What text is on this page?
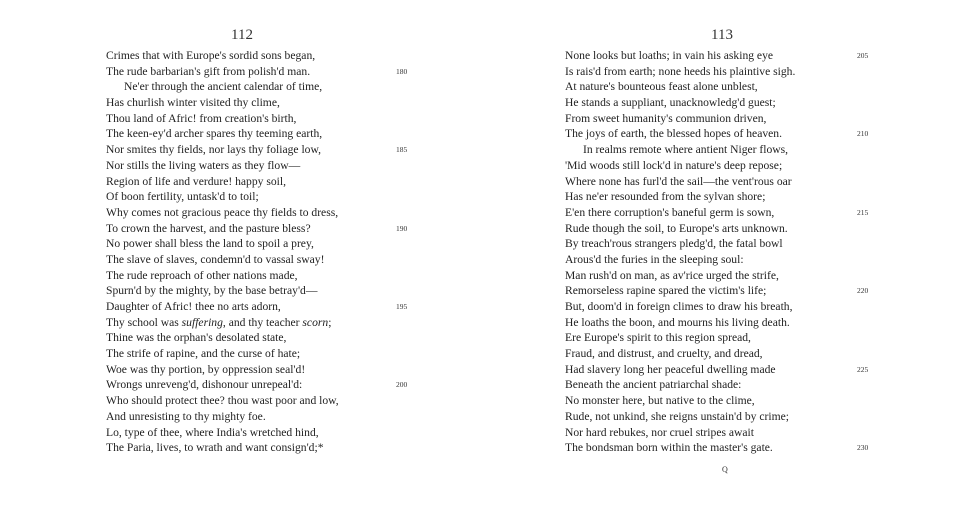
112
Crimes that with Europe's sordid sons began,
The rude barbarian's gift from polish'd man.	180
Ne'er through the ancient calendar of time,
Has churlish winter visited thy clime,
Thou land of Afric! from creation's birth,
The keen-ey'd archer spares thy teeming earth,
Nor smites thy fields, nor lays thy foliage low,	185
Nor stills the living waters as they flow—
Region of life and verdure! happy soil,
Of boon fertility, untask'd to toil;
Why comes not gracious peace thy fields to dress,
To crown the harvest, and the pasture bless?	190
No power shall bless the land to spoil a prey,
The slave of slaves, condemn'd to vassal sway!
The rude reproach of other nations made,
Spurn'd by the mighty, by the base betray'd—
Daughter of Afric! thee no arts adorn,	195
Thy school was suffering, and thy teacher scorn;
Thine was the orphan's desolated state,
The strife of rapine, and the curse of hate;
Woe was thy portion, by oppression seal'd!
Wrongs unreveng'd, dishonour unrepeal'd:	200
Who should protect thee? thou wast poor and low,
And unresisting to thy mighty foe.
Lo, type of thee, where India's wretched hind,
The Paria, lives, to wrath and want consign'd;*
113
None looks but loaths; in vain his asking eye	205
Is rais'd from earth; none heeds his plaintive sigh.
At nature's bounteous feast alone unblest,
He stands a suppliant, unacknowledg'd guest;
From sweet humanity's communion driven,
The joys of earth, the blessed hopes of heaven.	210
In realms remote where antient Niger flows,
'Mid woods still lock'd in nature's deep repose;
Where none has furl'd the sail—the vent'rous oar
Has ne'er resounded from the sylvan shore;
E'en there corruption's baneful germ is sown,	215
Rude though the soil, to Europe's arts unknown.
By treach'rous strangers pledg'd, the fatal bowl
Arous'd the furies in the sleeping soul:
Man rush'd on man, as av'rice urged the strife,
Remorseless rapine spared the victim's life;	220
But, doom'd in foreign climes to draw his breath,
He loaths the boon, and mourns his living death.
Ere Europe's spirit to this region spread,
Fraud, and distrust, and cruelty, and dread,
Had slavery long her peaceful dwelling made	225
Beneath the ancient patriarchal shade:
No monster here, but native to the clime,
Rude, not unkind, she reigns unstain'd by crime;
Nor hard rebukes, nor cruel stripes await
The bondsman born within the master's gate.	230
Q
